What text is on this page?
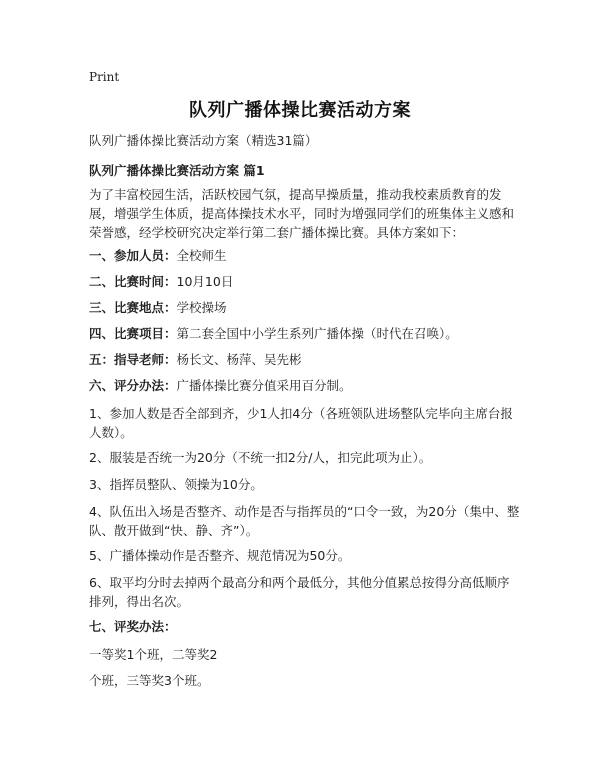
Print
队列广播体操比赛活动方案
队列广播体操比赛活动方案（精选31篇）
队列广播体操比赛活动方案 篇1
为了丰富校园生活，活跃校园气氛，提高早操质量，推动我校素质教育的发展，增强学生体质，提高体操技术水平，同时为增强同学们的班集体主义感和荣誉感，经学校研究决定举行第二套广播体操比赛。具体方案如下：
一、参加人员：全校师生
二、比赛时间：10月10日
三、比赛地点：学校操场
四、比赛项目：第二套全国中小学生系列广播体操（时代在召唤）。
五：指导老师：杨长文、杨萍、吴先彬
六、评分办法：广播体操比赛分值采用百分制。
1、参加人数是否全部到齐，少1人扣4分（各班领队进场整队完毕向主席台报人数）。
2、服装是否统一为20分（不统一扣2分/人，扣完此项为止）。
3、指挥员整队、领操为10分。
4、队伍出入场是否整齐、动作是否与指挥员的“口令一致，为20分（集中、整队、散开做到“快、静、齐”）。
5、广播体操动作是否整齐、规范情况为50分。
6、取平均分时去掉两个最高分和两个最低分，其他分值累总按得分高低顺序排列，得出名次。
七、评奖办法：
一等奖1个班，二等奖2
个班，三等奖3个班。
